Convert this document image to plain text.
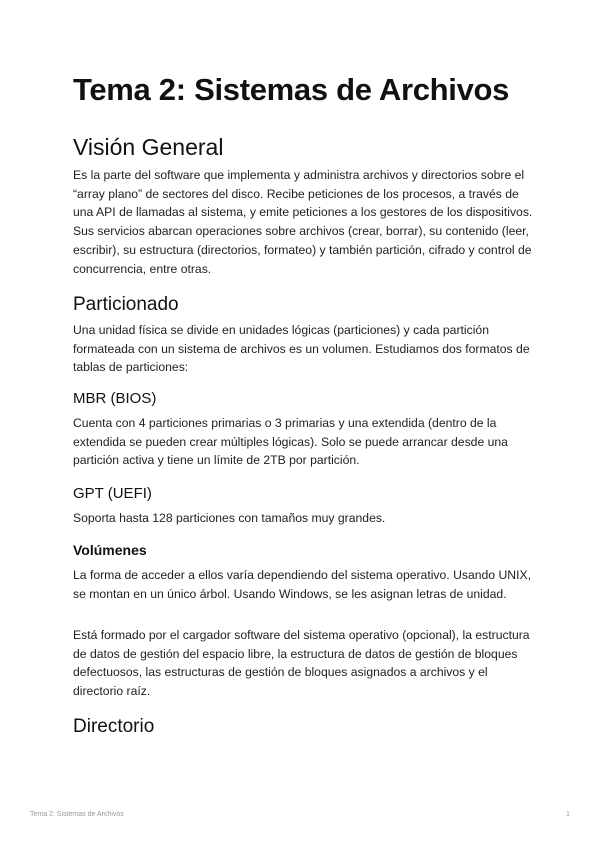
Tema 2: Sistemas de Archivos
Visión General

Es la parte del software que implementa y administra archivos y directorios sobre el “array plano” de sectores del disco. Recibe peticiones de los procesos, a través de una API de llamadas al sistema, y emite peticiones a los gestores de los dispositivos. Sus servicios abarcan operaciones sobre archivos (crear, borrar), su contenido (leer, escribir), su estructura (directorios, formateo) y también partición, cifrado y control de concurrencia, entre otras.

Particionado

Una unidad física se divide en unidades lógicas (particiones) y cada partición formateada con un sistema de archivos es un volumen. Estudiamos dos formatos de tablas de particiones:

MBR (BIOS)

Cuenta con 4 particiones primarias o 3 primarias y una extendida (dentro de la extendida se pueden crear múltiples lógicas). Solo se puede arrancar desde una partición activa y tiene un límite de 2TB por partición.

GPT (UEFI)

Soporta hasta 128 particiones con tamaños muy grandes.

Volúmenes

La forma de acceder a ellos varía dependiendo del sistema operativo. Usando UNIX, se montan en un único árbol. Usando Windows, se les asignan letras de unidad.

Está formado por el cargador software del sistema operativo (opcional), la estructura de datos de gestión del espacio libre, la estructura de datos de gestión de bloques defectuosos, las estructuras de gestión de bloques asignados a archivos y el directorio raíz.

Directorio
Tema 2: Sistemas de Archivos	1
